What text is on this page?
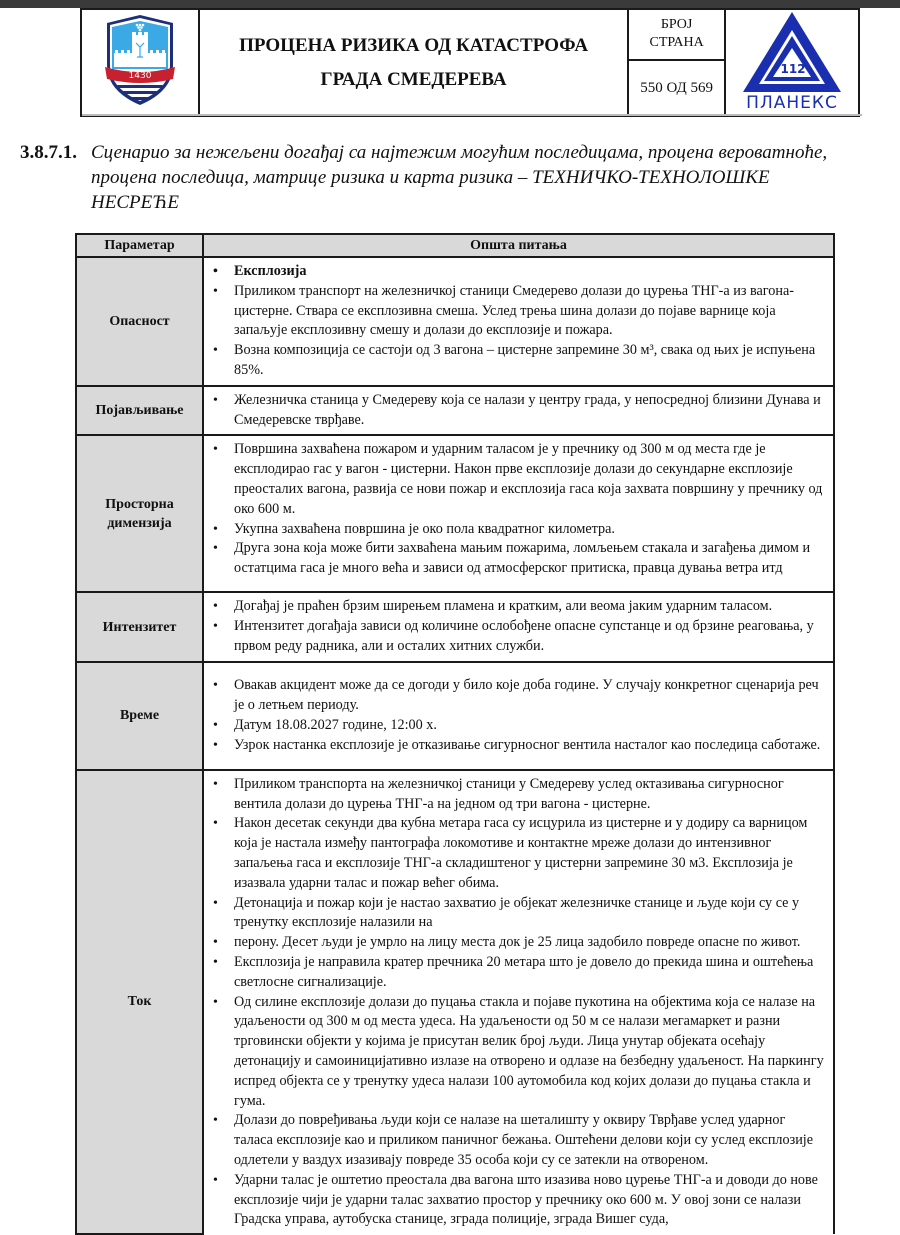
1430

ПРОЦЕНА РИЗИКА ОД КАТАСТРОФА
ГРАДА СМЕДЕРЕВА

БРОЈ
СТРАНА

112
ПЛАНЕКС

550 ОД 569
3.8.7.1. Сценарио за нежељени догађај са најтежим могућим последицама, процена вероватноће, процена последица, матрице ризика и карта ризика – ТЕХНИЧКО-ТЕХНОЛОШКЕ НЕСРЕЋЕ
Параметар	Општа питања
Опасност	
• Експлозија
• Приликом транспорт на железничкој станици Смедерево долази до цурења ТНГ-а из вагона- цистерне. Ствара се експлозивна смеша. Услед трења шина долази до појаве варнице која запаљује експлозивну смешу и долази до експлозије и пожара.
• Возна композиција се састоји од 3 вагона – цистерне запремине 30 м³, свака од њих је испуњена 85%.

Појављивање	
• Железничка станица у Смедереву која се налази у центру града, у непосредној близини Дунава и Смедеревске тврђаве.

Просторна димензија	
• Површина захваћена пожаром и ударним таласом је у пречнику од 300 м од места где је експлодирао гас у вагон - цистерни. Након прве експлозије долази до секундарне експлозије преосталих вагона, развија се нови пожар и експлозија гаса која захвата површину у пречнику од око 600 м.
• Укупна захваћена површина је око пола квадратног километра.
• Друга зона која може бити захваћена мањим пожарима, ломљењем стакала и загађења димом и остатцима гаса је много већа и зависи од атмосферског притиска, правца дувања ветра итд

Интензитет	
• Догађај је праћен брзим ширењем пламена и кратким, али веома јаким ударним таласом.
• Интензитет догађаја зависи од количине ослобођене опасне супстанце и од брзине реаговања, у првом реду радника, али и осталих хитних служби.

Време	
• Овакав акцидент може да се догоди у било које доба године. У случају конкретног сценарија реч је о летњем периоду.
• Датум 18.08.2027 године, 12:00 х.
• Узрок настанка експлозије је отказивање сигурносног вентила насталог као последица саботаже.

Ток	
• Приликом транспорта на железничкој станици у Смедереву услед октазивања сигурносног вентила долази до цурења ТНГ-а на једном од три вагона - цистерне.
• Након десетак секунди два кубна метара гаса су исцурила из цистерне и у додиру са варницом која је настала између пантографа локомотиве и контактне мреже долази до интензивног запаљења гаса и експлозије ТНГ-а складиштеног у цистерни запремине 30 м3. Експлозија је изазвала ударни талас и пожар већег обима.
• Детонација и пожар који је настао захватио је објекат железничке станице и људе који су се у тренутку експлозије налазили на
• перону. Десет људи је умрло на лицу места док је 25 лица задобило повреде опасне по живот.
• Експлозија је направила кратер пречника 20 метара што је довело до прекида шина и оштећења светлосне сигнализације.
• Од силине експлозије долази до пуцања стакла и појаве пукотина на објектима која се налазе на удаљености од 300 м од места удеса. На удаљености од 50 м се налази мегамаркет и разни трговински објекти у којима је присутан велик број људи. Лица унутар објеката осећају детонацију и самоиницијативно излазе на отворено и одлазе на безбедну удаљеност. На паркингу испред објекта се у тренутку удеса налази 100 аутомобила код којих долази до пуцања стакла и гума.
• Долази до повређивања људи који се налазе на шеталишту у оквиру Тврђаве услед ударног таласа експлозије као и приликом паничног бежања. Оштећени делови који су услед експлозије одлетели у ваздух изазивају повреде 35 особа који су се затекли на отвореном.
• Ударни талас је оштетио преостала два вагона што изазива ново цурење ТНГ-а и доводи до нове експлозије чији је ударни талас захватио простор у пречнику око 600 м. У овој зони се налази Градска управа, аутобуска станице, зграда полиције, зграда Вишег суда,
